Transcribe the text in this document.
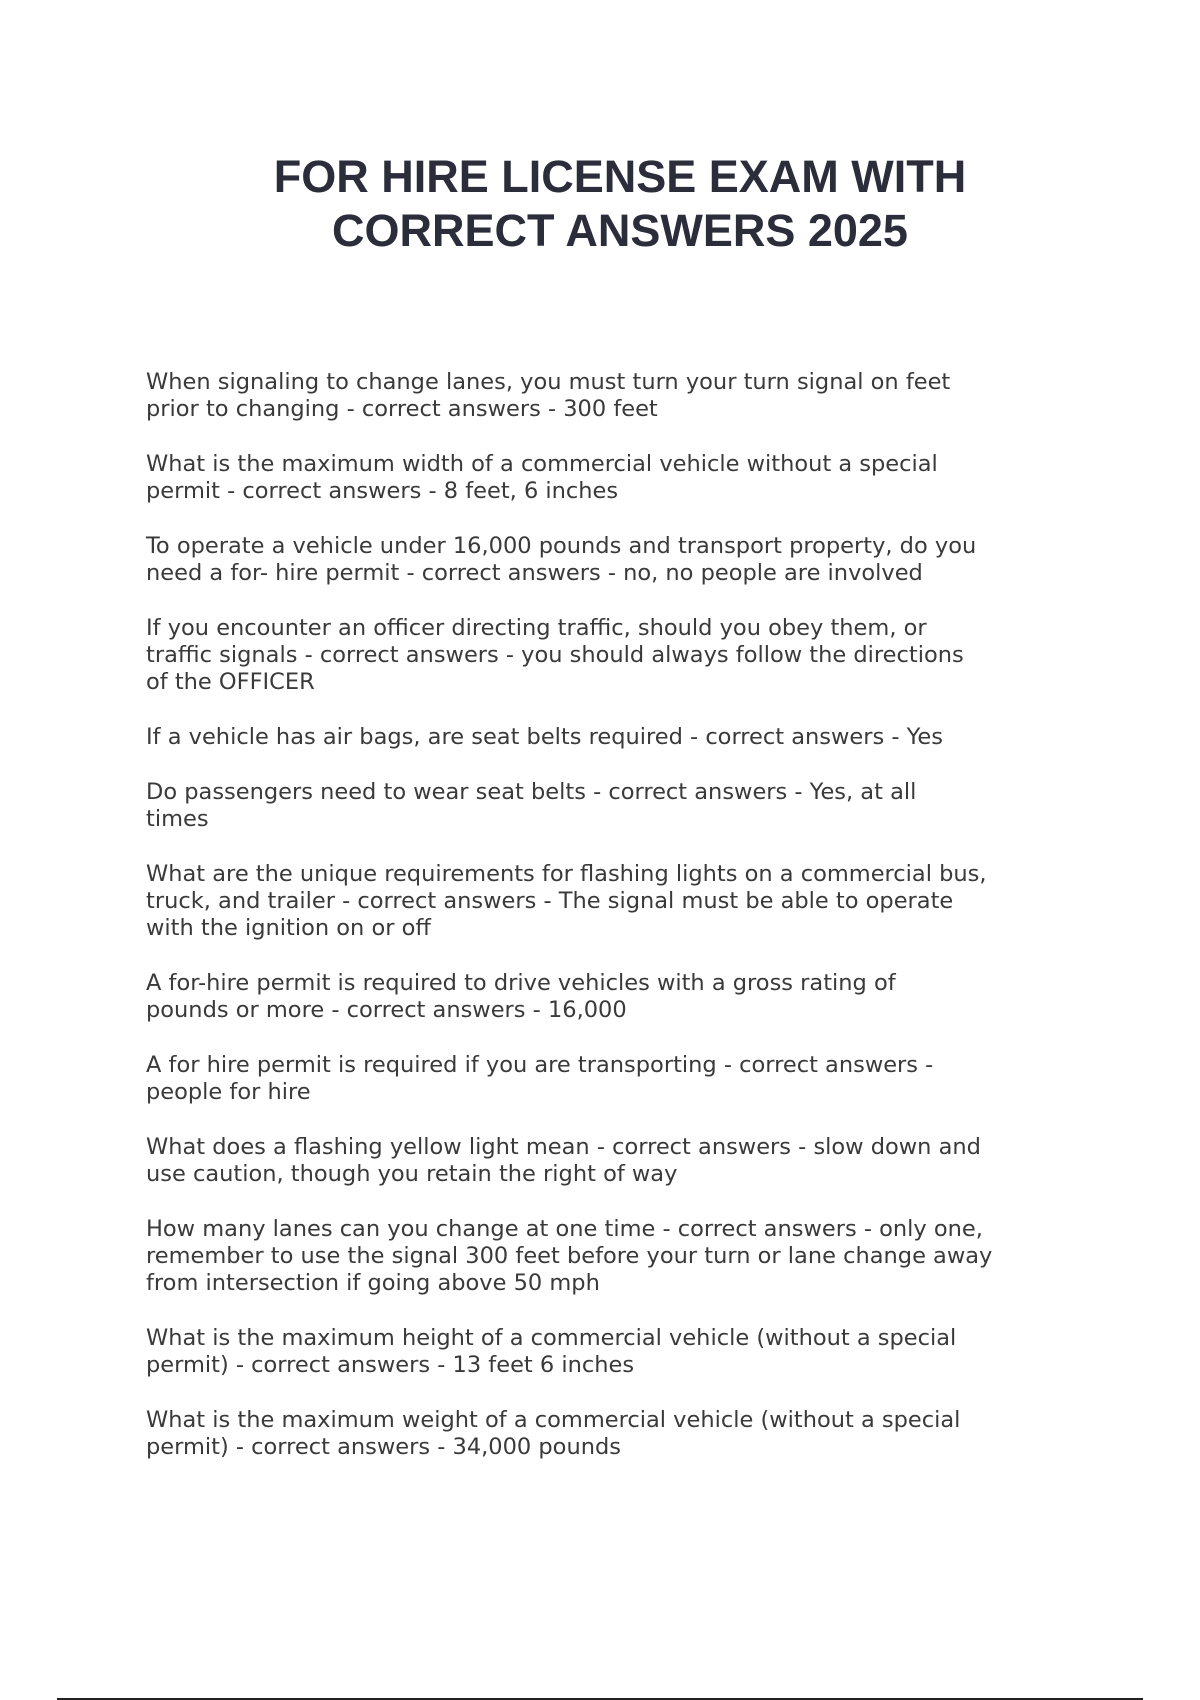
FOR HIRE LICENSE EXAM WITH
CORRECT ANSWERS 2025
When signaling to change lanes, you must turn your turn signal on feet
prior to changing - correct answers - 300 feet
What is the maximum width of a commercial vehicle without a special
permit - correct answers - 8 feet, 6 inches
To operate a vehicle under 16,000 pounds and transport property, do you
need a for- hire permit - correct answers - no, no people are involved
If you encounter an officer directing traffic, should you obey them, or
traffic signals - correct answers - you should always follow the directions
of the OFFICER
If a vehicle has air bags, are seat belts required - correct answers - Yes
Do passengers need to wear seat belts - correct answers - Yes, at all
times
What are the unique requirements for flashing lights on a commercial bus,
truck, and trailer - correct answers - The signal must be able to operate
with the ignition on or off
A for-hire permit is required to drive vehicles with a gross rating of
pounds or more - correct answers - 16,000
A for hire permit is required if you are transporting - correct answers -
people for hire
What does a flashing yellow light mean - correct answers - slow down and
use caution, though you retain the right of way
How many lanes can you change at one time - correct answers - only one,
remember to use the signal 300 feet before your turn or lane change away
from intersection if going above 50 mph
What is the maximum height of a commercial vehicle (without a special
permit) - correct answers - 13 feet 6 inches
What is the maximum weight of a commercial vehicle (without a special
permit) - correct answers - 34,000 pounds
